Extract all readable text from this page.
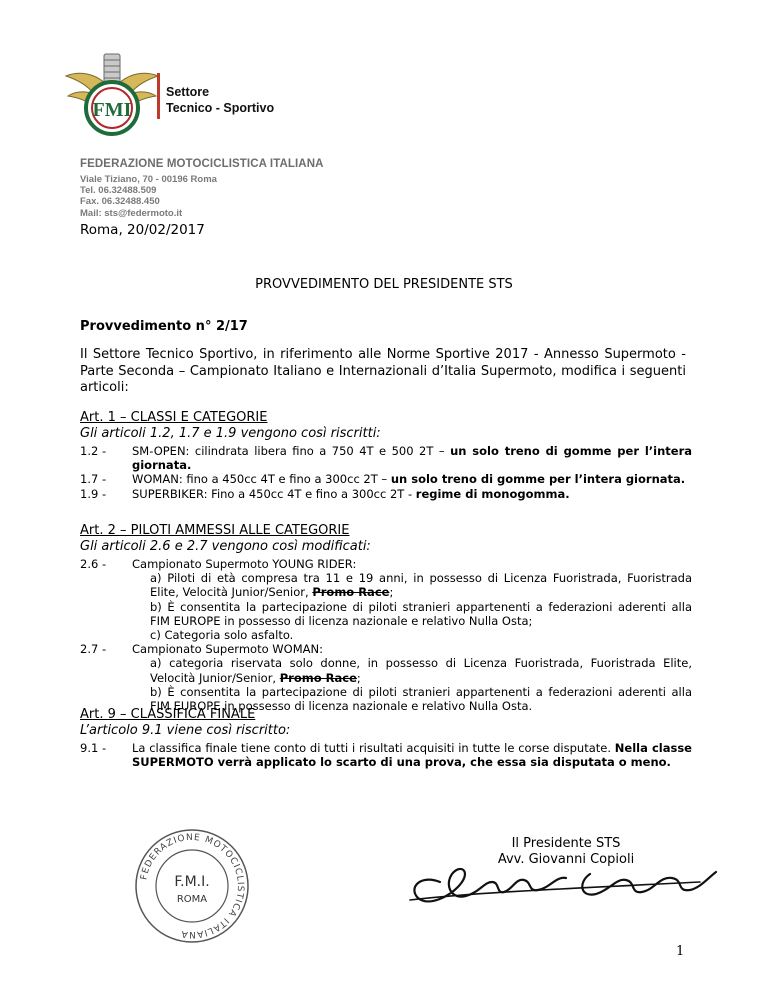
FMI
Settore
Tecnico - Sportivo
FEDERAZIONE MOTOCICLISTICA ITALIANA
Viale Tiziano, 70 - 00196 Roma
Tel. 06.32488.509
Fax. 06.32488.450
Mail: sts@federmoto.it
Roma, 20/02/2017
PROVVEDIMENTO DEL PRESIDENTE STS
Provvedimento n° 2/17
Il Settore Tecnico Sportivo, in riferimento alle Norme Sportive 2017 - Annesso Supermoto - Parte Seconda – Campionato Italiano e Internazionali d’Italia Supermoto, modifica i seguenti articoli:
Art. 1 – CLASSI E CATEGORIE
Gli articoli 1.2, 1.7 e 1.9 vengono così riscritti:
1.2 -	SM-OPEN: cilindrata libera fino a 750 4T e 500 2T – un solo treno di gomme per l’intera giornata.
1.7 -	WOMAN: fino a 450cc 4T e fino a 300cc 2T – un solo treno di gomme per l’intera giornata.
1.9 -	SUPERBIKER: Fino a 450cc 4T e fino a 300cc 2T - regime di monogomma.
Art. 2 – PILOTI AMMESSI ALLE CATEGORIE
Gli articoli 2.6 e 2.7 vengono così modificati:
2.6 -	Campionato Supermoto YOUNG RIDER:
a) Piloti di età compresa tra 11 e 19 anni, in possesso di Licenza Fuoristrada, Fuoristrada Elite, Velocità Junior/Senior, Promo Race;
b) È consentita la partecipazione di piloti stranieri appartenenti a federazioni aderenti alla FIM EUROPE in possesso di licenza nazionale e relativo Nulla Osta;
c) Categoria solo asfalto.
2.7 -	Campionato Supermoto WOMAN:
a) categoria riservata solo donne, in possesso di Licenza Fuoristrada, Fuoristrada Elite, Velocità Junior/Senior, Promo Race;
b) È consentita la partecipazione di piloti stranieri appartenenti a federazioni aderenti alla FIM EUROPE in possesso di licenza nazionale e relativo Nulla Osta.
Art. 9 – CLASSIFICA FINALE
L’articolo 9.1 viene così riscritto:
9.1 -	La classifica finale tiene conto di tutti i risultati acquisiti in tutte le corse disputate. Nella classe SUPERMOTO verrà applicato lo scarto di una prova, che essa sia disputata o meno.
FEDERAZIONE MOTOCICLISTICA ITALIANA
F.M.I.
ROMA
Il Presidente STS
Avv. Giovanni Copioli
1
